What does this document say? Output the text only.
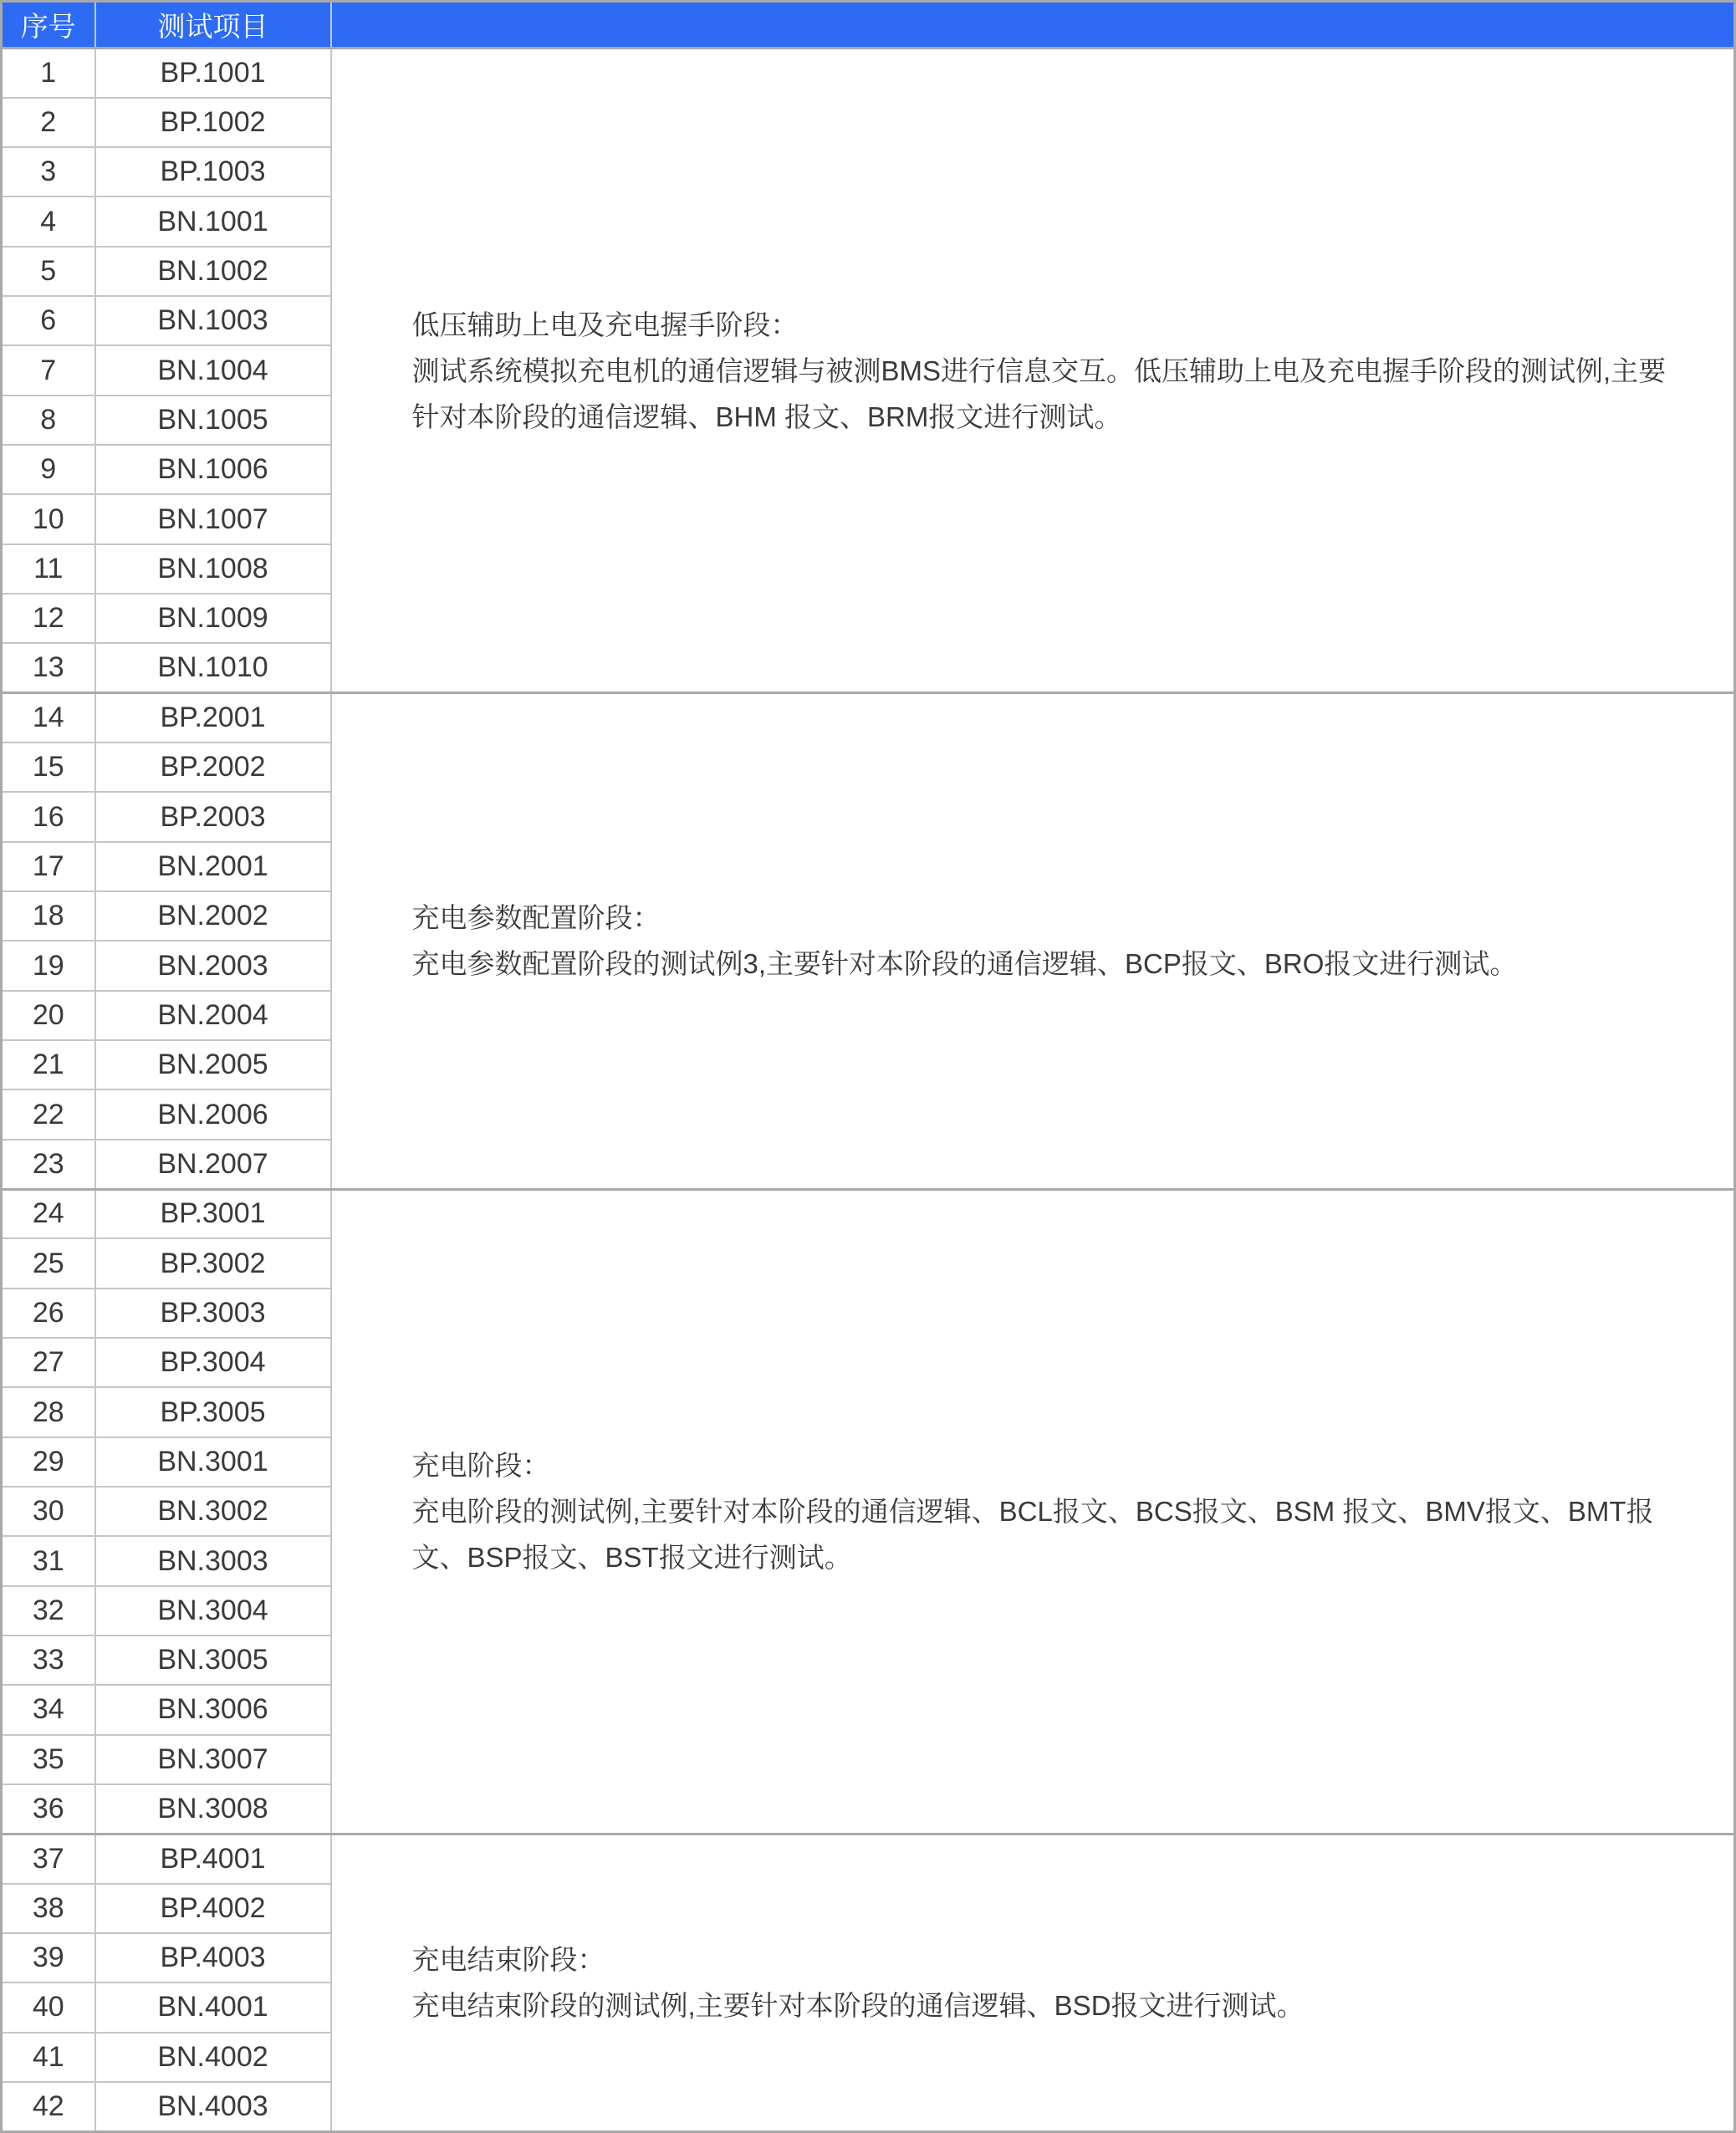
序号	测试项目	
1	BP.1001	低压辅助上电及充电握手阶段：
测试系统模拟充电机的通信逻辑与被测BMS进行信息交互。低压辅助上电及充电握手阶段的测试例,主要针对本阶段的通信逻辑、BHM 报文、BRM报文进行测试。

2	BP.1002	
3	BP.1003	
4	BN.1001	
5	BN.1002	
6	BN.1003	
7	BN.1004	
8	BN.1005	
9	BN.1006	
10	BN.1007	
11	BN.1008	
12	BN.1009	
13	BN.1010	
14	BP.2001	充电参数配置阶段：
充电参数配置阶段的测试例3,主要针对本阶段的通信逻辑、BCP报文、BRO报文进行测试。

15	BP.2002	
16	BP.2003	
17	BN.2001	
18	BN.2002	
19	BN.2003	
20	BN.2004	
21	BN.2005	
22	BN.2006	
23	BN.2007	
24	BP.3001	充电阶段：
充电阶段的测试例,主要针对本阶段的通信逻辑、BCL报文、BCS报文、BSM 报文、BMV报文、BMT报文、BSP报文、BST报文进行测试。

25	BP.3002	
26	BP.3003	
27	BP.3004	
28	BP.3005	
29	BN.3001	
30	BN.3002	
31	BN.3003	
32	BN.3004	
33	BN.3005	
34	BN.3006	
35	BN.3007	
36	BN.3008	
37	BP.4001	充电结束阶段：
充电结束阶段的测试例,主要针对本阶段的通信逻辑、BSD报文进行测试。

38	BP.4002	
39	BP.4003	
40	BN.4001	
41	BN.4002	
42	BN.4003	
